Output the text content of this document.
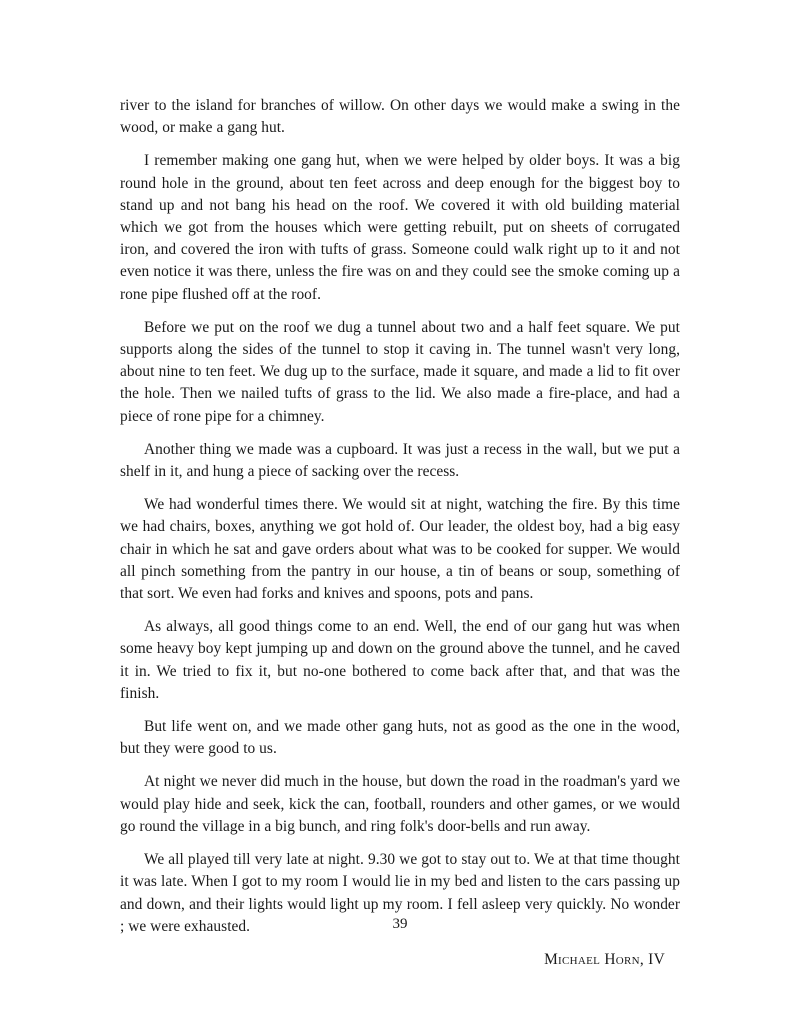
river to the island for branches of willow. On other days we would make a swing in the wood, or make a gang hut.

I remember making one gang hut, when we were helped by older boys. It was a big round hole in the ground, about ten feet across and deep enough for the biggest boy to stand up and not bang his head on the roof. We covered it with old building material which we got from the houses which were getting rebuilt, put on sheets of corrugated iron, and covered the iron with tufts of grass. Someone could walk right up to it and not even notice it was there, unless the fire was on and they could see the smoke coming up a rone pipe flushed off at the roof.

Before we put on the roof we dug a tunnel about two and a half feet square. We put supports along the sides of the tunnel to stop it caving in. The tunnel wasn't very long, about nine to ten feet. We dug up to the surface, made it square, and made a lid to fit over the hole. Then we nailed tufts of grass to the lid. We also made a fire-place, and had a piece of rone pipe for a chimney.

Another thing we made was a cupboard. It was just a recess in the wall, but we put a shelf in it, and hung a piece of sacking over the recess.

We had wonderful times there. We would sit at night, watching the fire. By this time we had chairs, boxes, anything we got hold of. Our leader, the oldest boy, had a big easy chair in which he sat and gave orders about what was to be cooked for supper. We would all pinch something from the pantry in our house, a tin of beans or soup, something of that sort. We even had forks and knives and spoons, pots and pans.

As always, all good things come to an end. Well, the end of our gang hut was when some heavy boy kept jumping up and down on the ground above the tunnel, and he caved it in. We tried to fix it, but no-one bothered to come back after that, and that was the finish.

But life went on, and we made other gang huts, not as good as the one in the wood, but they were good to us.

At night we never did much in the house, but down the road in the roadman's yard we would play hide and seek, kick the can, football, rounders and other games, or we would go round the village in a big bunch, and ring folk's door-bells and run away.

We all played till very late at night. 9.30 we got to stay out to. We at that time thought it was late. When I got to my room I would lie in my bed and listen to the cars passing up and down, and their lights would light up my room. I fell asleep very quickly. No wonder ; we were exhausted.

Michael Horn, IV
39
